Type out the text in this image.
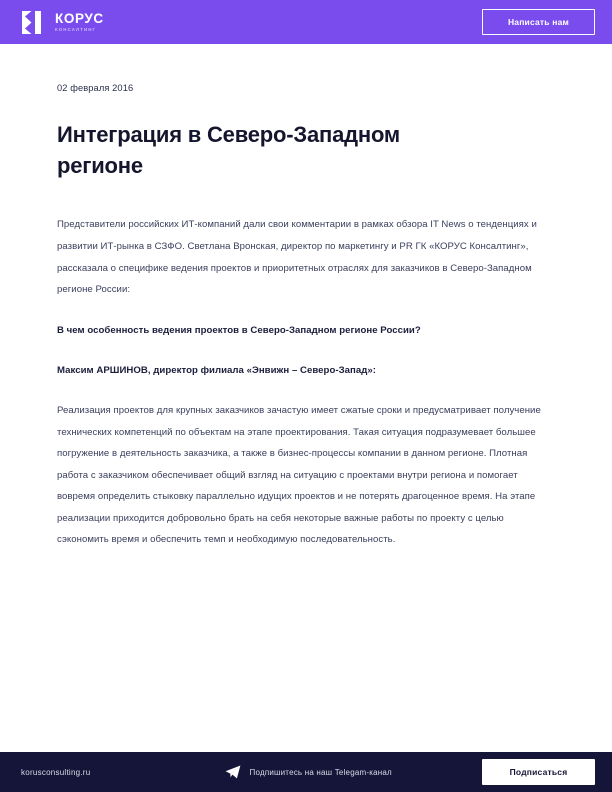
КОРУС
КОНСАЛТИНГ
Написать нам
02 февраля 2016
Интеграция в Северо-Западном регионе

Представители российских ИТ-компаний дали свои комментарии в рамках обзора IT News о тенденциях и развитии ИТ-рынка в СЗФО. Светлана Вронская, директор по маркетингу и PR ГК «КОРУС Консалтинг», рассказала о специфике ведения проектов и приоритетных отраслях для заказчиков в Северо-Западном регионе России:

В чем особенность ведения проектов в Северо-Западном регионе России?

Максим АРШИНОВ, директор филиала «Энвижн – Северо-Запад»:

Реализация проектов для крупных заказчиков зачастую имеет сжатые сроки и предусматривает получение технических компетенций по объектам на этапе проектирования. Такая ситуация подразумевает большее погружение в деятельность заказчика, а также в бизнес-процессы компании в данном регионе. Плотная работа с заказчиком обеспечивает общий взгляд на ситуацию с проектами внутри региона и помогает вовремя определить стыковку параллельно идущих проектов и не потерять драгоценное время. На этапе реализации приходится добровольно брать на себя некоторые важные работы по проекту с целью сэкономить время и обеспечить темп и необходимую последовательность.

korusconsulting.ru	Подпишитесь на наш Telegam-канал	Подписаться
